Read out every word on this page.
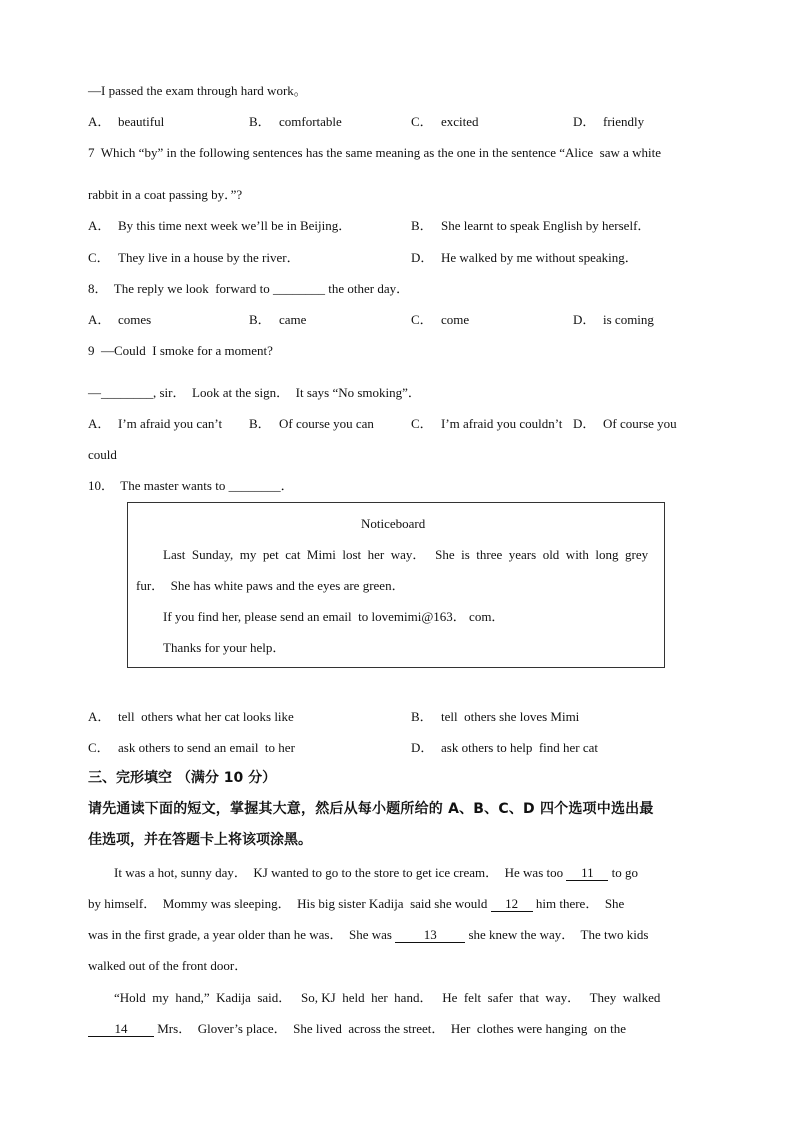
—I passed the exam through hard work。
A． beautiful	B． comfortable	C． excited	D． friendly
7 Which “by” in the following sentences has the same meaning as the one in the sentence “Alice  saw a white
rabbit in a coat passing by．”?
A． By this time next week we’ll be in Beijing．	B． She learnt to speak English by herself．
C． They live in a house by the river．	D． He walked by me without speaking．
8． The reply we look  forward to ________ the other day．
A． comes	B． came	C． come	D． is coming
9 —Could  I smoke for a moment?
—________, sir．  Look at the sign．  It says “No smoking”．
A． I’m afraid you can’t B． Of course you can	C． I’m afraid you couldn’t D． Of course you
could
10． The master wants to ________．
Noticeboard
Last  Sunday,  my  pet  cat  Mimi  lost  her  way．   She  is  three  years  old  with  long  grey
fur．  She has white paws and the eyes are green．
If you find her, please send an email  to lovemimi@163． com．
Thanks for your help．
A． tell  others what her cat looks like	B． tell  others she loves Mimi
C． ask others to send an email  to her	D． ask others to help  find her cat
三、完形填空 （满分 10 分）
请先通读下面的短文，掌握其大意，然后从每小题所给的 A、B、C、D 四个选项中选出最
佳选项，并在答题卡上将该项涂黑。
It was a hot, sunny day．  KJ wanted to go to the store to get ice cream．  He was too 11 to go
by himself．  Mommy was sleeping．  His big sister Kadija  said she would 12 him there．  She
was in the first grade, a year older than he was．  She was 13 she knew the way．  The two kids
walked out of the front door．
“Hold  my  hand,”  Kadija  said．   So, KJ  held  her  hand．   He  felt  safer  that  way．   They  walked
14 Mrs．  Glover’s place．  She lived  across the street．  Her  clothes were hanging  on the
